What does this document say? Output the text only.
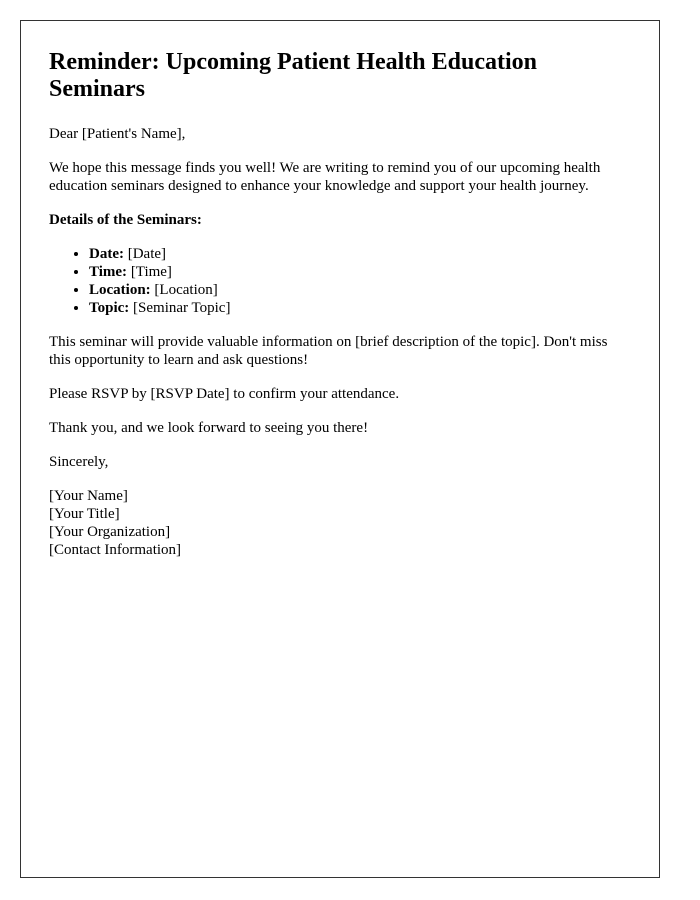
Reminder: Upcoming Patient Health Education Seminars

Dear [Patient's Name],

We hope this message finds you well! We are writing to remind you of our upcoming health education seminars designed to enhance your knowledge and support your health journey.

Details of the Seminars:

• Date: [Date]
• Time: [Time]
• Location: [Location]
• Topic: [Seminar Topic]

This seminar will provide valuable information on [brief description of the topic]. Don't miss this opportunity to learn and ask questions!

Please RSVP by [RSVP Date] to confirm your attendance.

Thank you, and we look forward to seeing you there!

Sincerely,

[Your Name]
[Your Title]
[Your Organization]
[Contact Information]
